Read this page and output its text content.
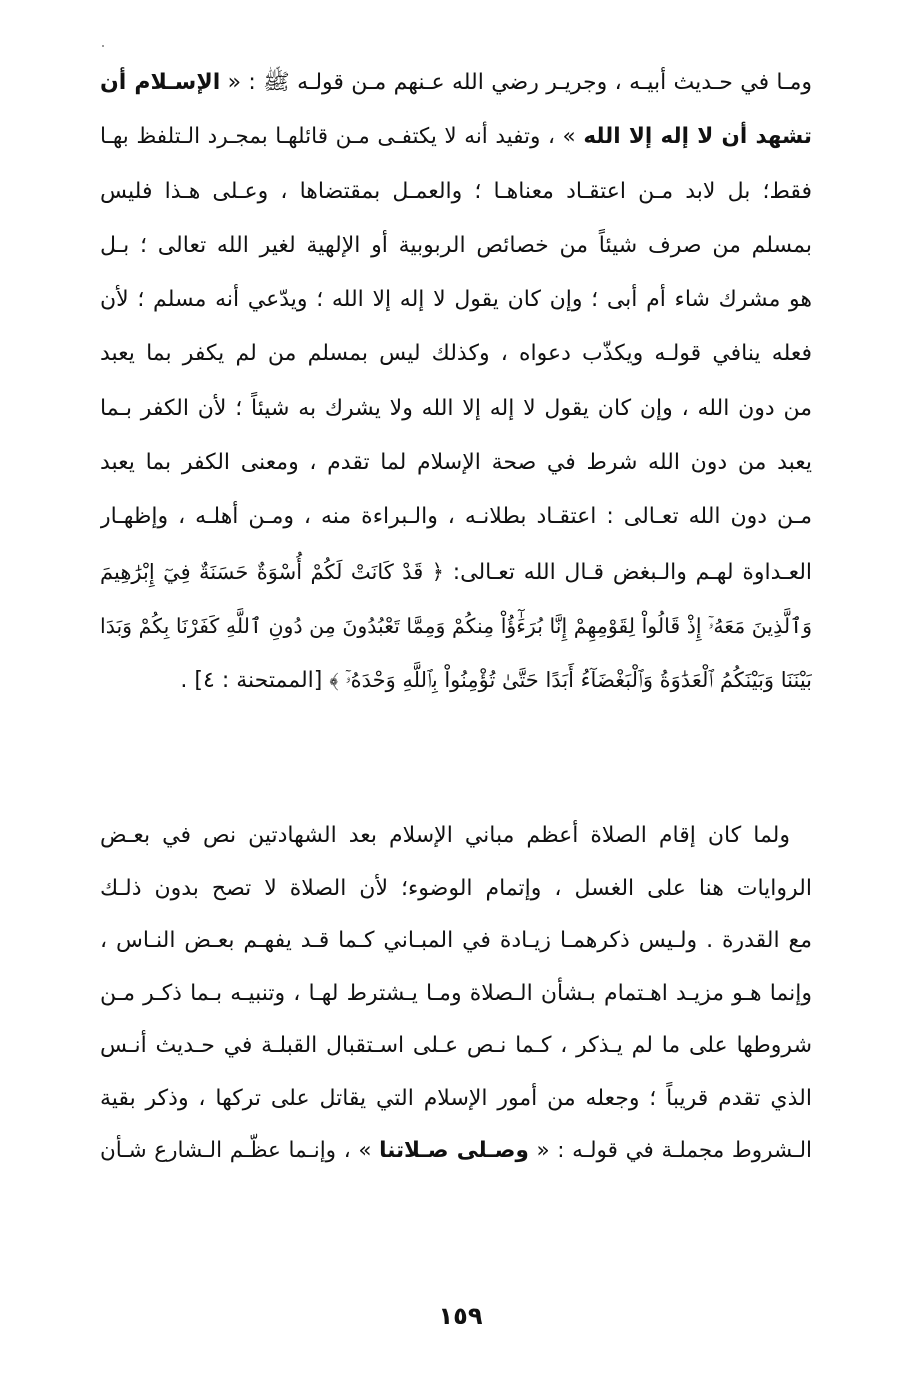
ومـا في حـديث أبيـه ، وجريـر رضي الله عـنهم مـن قولـه ﷺ : « الإسـلام أن
تشهد أن لا إله إلا الله » ، وتفيد أنه لا يكتفـى مـن قائلهـا بمجـرد الـتلفظ بهـا
فقط؛ بل لابد مـن اعتقـاد معناهـا ؛ والعمـل بمقتضاها ، وعـلى هـذا فليس
بمسلم من صرف شيئاً من خصائص الربوبية أو الإلهية لغير الله تعالى ؛ بـل
هو مشرك شاء أم أبى ؛ وإن كان يقول لا إله إلا الله ؛ ويدّعي أنه مسلم ؛ لأن
فعله ينافي قولـه ويكذّب دعواه ، وكذلك ليس بمسلم من لم يكفر بما يعبد
من دون الله ، وإن كان يقول لا إله إلا الله ولا يشرك به شيئاً ؛ لأن الكفر بـما
يعبد من دون الله شرط في صحة الإسلام لما تقدم ، ومعنى الكفر بما يعبد
مـن دون الله تعـالى : اعتقـاد بطلانـه ، والـبراءة منه ، ومـن أهلـه ، وإظهـار
العـداوة لهـم والـبغض قـال الله تعـالى: ﴿ قَدْ كَانَتْ لَكُمْ أُسْوَةٌ حَسَنَةٌ فِيٓ إِبْرَٰهِيمَ
وَٱلَّذِينَ مَعَهُۥٓ إِذْ قَالُواْ لِقَوْمِهِمْ إِنَّا بُرَءَٰٓؤُاْ مِنكُمْ وَمِمَّا تَعْبُدُونَ مِن دُونِ ٱللَّهِ كَفَرْنَا بِكُمْ وَبَدَا
بَيْنَنَا وَبَيْنَكُمُ ٱلْعَدَٰوَةُ وَٱلْبَغْضَآءُ أَبَدًا حَتَّىٰ تُؤْمِنُواْ بِٱللَّهِ وَحْدَهُۥٓ ﴾ [الممتحنة : ٤] .
ولما كان إقام الصلاة أعظم مباني الإسلام بعد الشهادتين نص في بعـض
الروايات هنا على الغسل ، وإتمام الوضوء؛ لأن الصلاة لا تصح بدون ذلـك
مع القدرة . ولـيس ذكرهمـا زيـادة في المبـاني كـما قـد يفهـم بعـض النـاس ،
وإنما هـو مزيـد اهـتمام بـشأن الـصلاة ومـا يـشترط لهـا ، وتنبيـه بـما ذكـر مـن
شروطها على ما لم يـذكر ، كـما نـص عـلى اسـتقبال القبلـة في حـديث أنـس
الذي تقدم قريباً ؛ وجعله من أمور الإسلام التي يقاتل على تركها ، وذكر بقية
الـشروط مجملـة في قولـه : « وصـلى صـلاتنا » ، وإنـما عظّـم الـشارع شـأن
١٥٩
